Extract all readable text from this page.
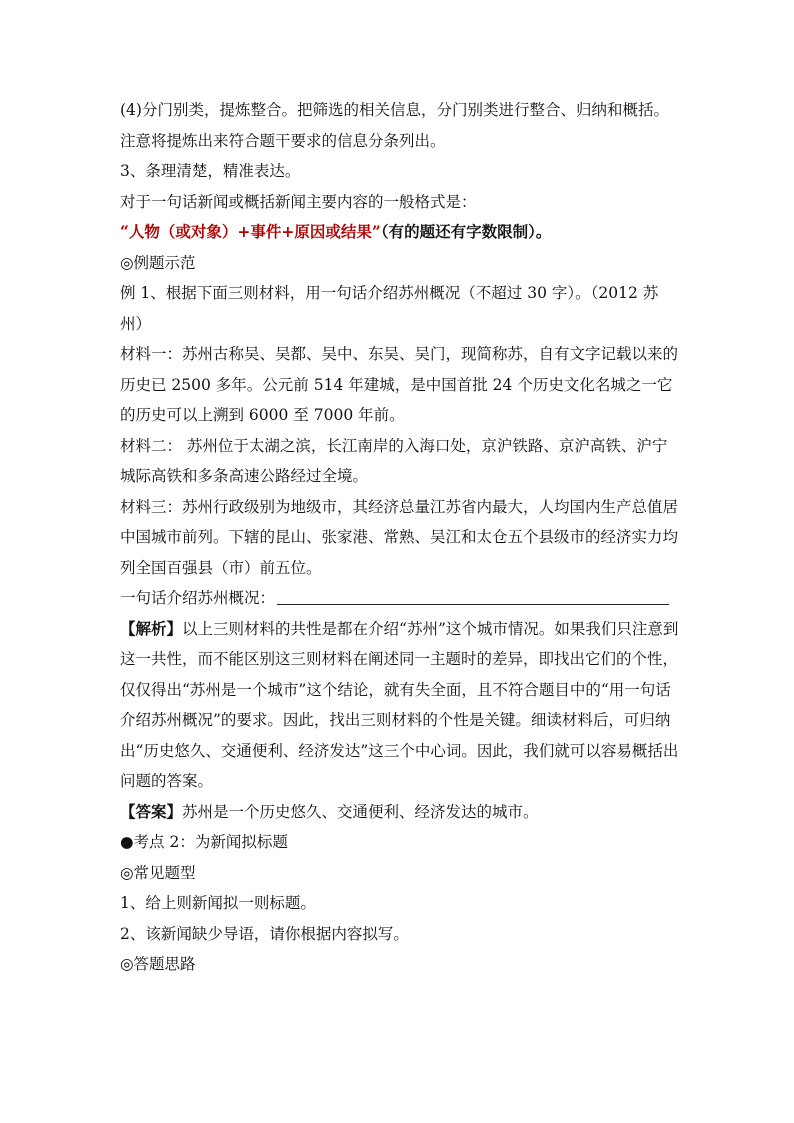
(4)分门别类，提炼整合。把筛选的相关信息，分门别类进行整合、归纳和概括。
注意将提炼出来符合题干要求的信息分条列出。
3、条理清楚，精准表达。
对于一句话新闻或概括新闻主要内容的一般格式是：
“人物（或对象）+事件+原因或结果”（有的题还有字数限制）。
◎例题示范
例 1、根据下面三则材料，用一句话介绍苏州概况（不超过 30 字）。（2012 苏州）
材料一：苏州古称吴、吴都、吴中、东吴、吴门，现简称苏，自有文字记载以来的历史已 2500 多年。公元前 514 年建城，是中国首批 24 个历史文化名城之一它的历史可以上溯到 6000 至 7000 年前。
材料二： 苏州位于太湖之滨，长江南岸的入海口处，京沪铁路、京沪高铁、沪宁城际高铁和多条高速公路经过全境。
材料三：苏州行政级别为地级市，其经济总量江苏省内最大，人均国内生产总值居中国城市前列。下辖的昆山、张家港、常熟、吴江和太仓五个县级市的经济实力均列全国百强县（市）前五位。
一句话介绍苏州概况：
【解析】以上三则材料的共性是都在介绍“苏州”这个城市情况。如果我们只注意到这一共性，而不能区别这三则材料在阐述同一主题时的差异，即找出它们的个性，仅仅得出“苏州是一个城市”这个结论，就有失全面，且不符合题目中的“用一句话介绍苏州概况”的要求。因此，找出三则材料的个性是关键。细读材料后，可归纳出“历史悠久、交通便利、经济发达”这三个中心词。因此，我们就可以容易概括出问题的答案。
【答案】苏州是一个历史悠久、交通便利、经济发达的城市。
●考点 2：为新闻拟标题
◎常见题型
1、给上则新闻拟一则标题。
2、该新闻缺少导语，请你根据内容拟写。
◎答题思路
